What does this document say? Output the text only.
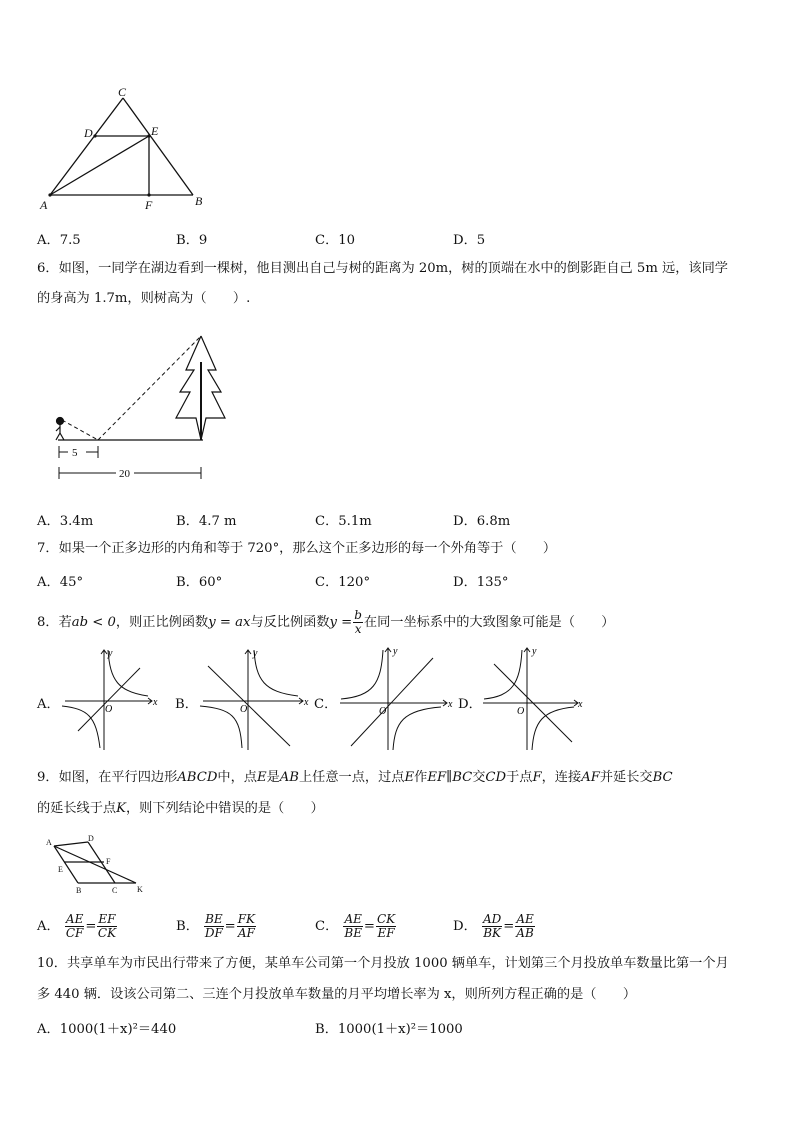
C
D	E
A	F	B
A．7.5	B．9	C．10	D．5
6．如图，一同学在湖边看到一棵树，他目测出自己与树的距离为 20m，树的顶端在水中的倒影距自己 5m 远，该同学
的身高为 1.7m，则树高为（　　）.
5
20
A．3.4m	B．4.7 m	C．5.1m	D．6.8m
7．如果一个正多边形的内角和等于 720°，那么这个正多边形的每一个外角等于（　　）
A．45°	B．60°	C．120°	D．135°
8．若ab < 0，则正比例函数y = ax与反比例函数$y = \frac{b}{x}$ 在同一坐标系中的大致图象可能是（　　）
A．	x
y
O	B．	x
y
O	C．	x
y
O	D．	x
y
O
9．如图，在平行四边形ABCD中，点E是AB上任意一点，过点E作EF∥BC交CD于点F，连接AF并延长交BC
的延长线于点K，则下列结论中错误的是（　　）
A	D
F
E
B	C K
A． $\frac{AE}{CF} = \frac{EF}{CK}$	B． $\frac{BE}{DF} = \frac{FK}{AF}$	C． $\frac{AE}{BE} = \frac{CK}{EF}$	D． $\frac{AD}{BK} = \frac{AE}{AB}$
10．共享单车为市民出行带来了方便，某单车公司第一个月投放 1000 辆单车，计划第三个月投放单车数量比第一个月
多 440 辆．设该公司第二、三连个月投放单车数量的月平均增长率为 x，则所列方程正确的是（　　）
A．1000(1＋x)²＝440	B．1000(1＋x)²＝1000
